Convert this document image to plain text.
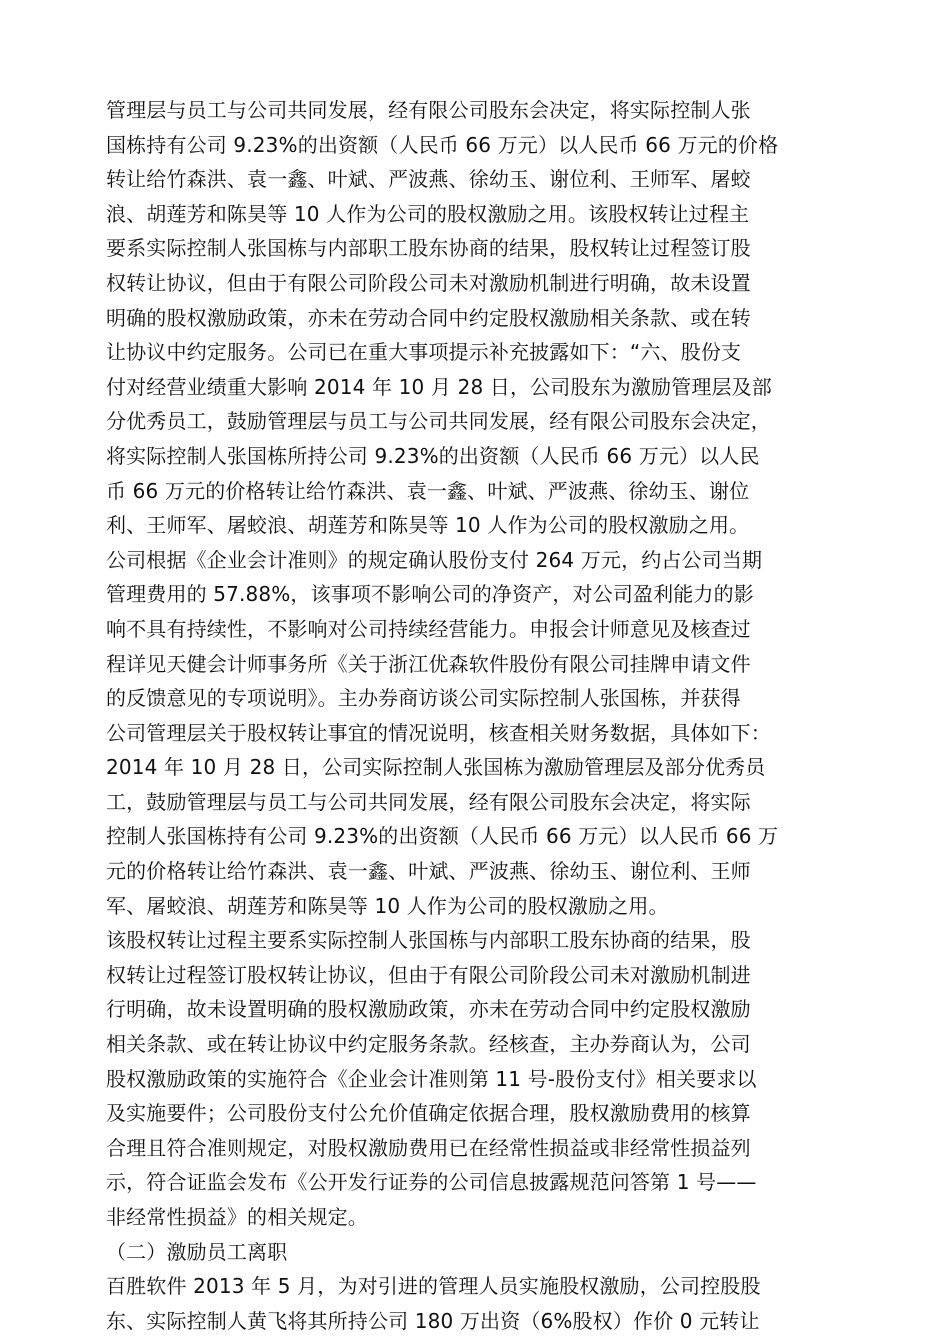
管理层与员工与公司共同发展，经有限公司股东会决定，将实际控制人张
国栋持有公司 9.23%的出资额（人民币 66 万元）以人民币 66 万元的价格
转让给竹森洪、袁一鑫、叶斌、严波燕、徐幼玉、谢位利、王师军、屠蛟
浪、胡莲芳和陈昊等 10 人作为公司的股权激励之用。该股权转让过程主
要系实际控制人张国栋与内部职工股东协商的结果，股权转让过程签订股
权转让协议，但由于有限公司阶段公司未对激励机制进行明确，故未设置
明确的股权激励政策，亦未在劳动合同中约定股权激励相关条款、或在转
让协议中约定服务。公司已在重大事项提示补充披露如下：“六、股份支
付对经营业绩重大影响 2014 年 10 月 28 日，公司股东为激励管理层及部
分优秀员工，鼓励管理层与员工与公司共同发展，经有限公司股东会决定，
将实际控制人张国栋所持公司 9.23%的出资额（人民币 66 万元）以人民
币 66 万元的价格转让给竹森洪、袁一鑫、叶斌、严波燕、徐幼玉、谢位
利、王师军、屠蛟浪、胡莲芳和陈昊等 10 人作为公司的股权激励之用。
公司根据《企业会计准则》的规定确认股份支付 264 万元，约占公司当期
管理费用的 57.88%，该事项不影响公司的净资产，对公司盈利能力的影
响不具有持续性，不影响对公司持续经营能力。申报会计师意见及核查过
程详见天健会计师事务所《关于浙江优森软件股份有限公司挂牌申请文件
的反馈意见的专项说明》。主办券商访谈公司实际控制人张国栋，并获得
公司管理层关于股权转让事宜的情况说明，核查相关财务数据，具体如下：
2014 年 10 月 28 日，公司实际控制人张国栋为激励管理层及部分优秀员
工，鼓励管理层与员工与公司共同发展，经有限公司股东会决定，将实际
控制人张国栋持有公司 9.23%的出资额（人民币 66 万元）以人民币 66 万
元的价格转让给竹森洪、袁一鑫、叶斌、严波燕、徐幼玉、谢位利、王师
军、屠蛟浪、胡莲芳和陈昊等 10 人作为公司的股权激励之用。
该股权转让过程主要系实际控制人张国栋与内部职工股东协商的结果，股
权转让过程签订股权转让协议，但由于有限公司阶段公司未对激励机制进
行明确，故未设置明确的股权激励政策，亦未在劳动合同中约定股权激励
相关条款、或在转让协议中约定服务条款。经核查，主办券商认为，公司
股权激励政策的实施符合《企业会计准则第 11 号-股份支付》相关要求以
及实施要件；公司股份支付公允价值确定依据合理，股权激励费用的核算
合理且符合准则规定，对股权激励费用已在经常性损益或非经常性损益列
示，符合证监会发布《公开发行证券的公司信息披露规范问答第 1 号——
非经常性损益》的相关规定。
（二）激励员工离职
百胜软件 2013 年 5 月，为对引进的管理人员实施股权激励，公司控股股
东、实际控制人黄飞将其所持公司 180 万出资（6%股权）作价 0 元转让
